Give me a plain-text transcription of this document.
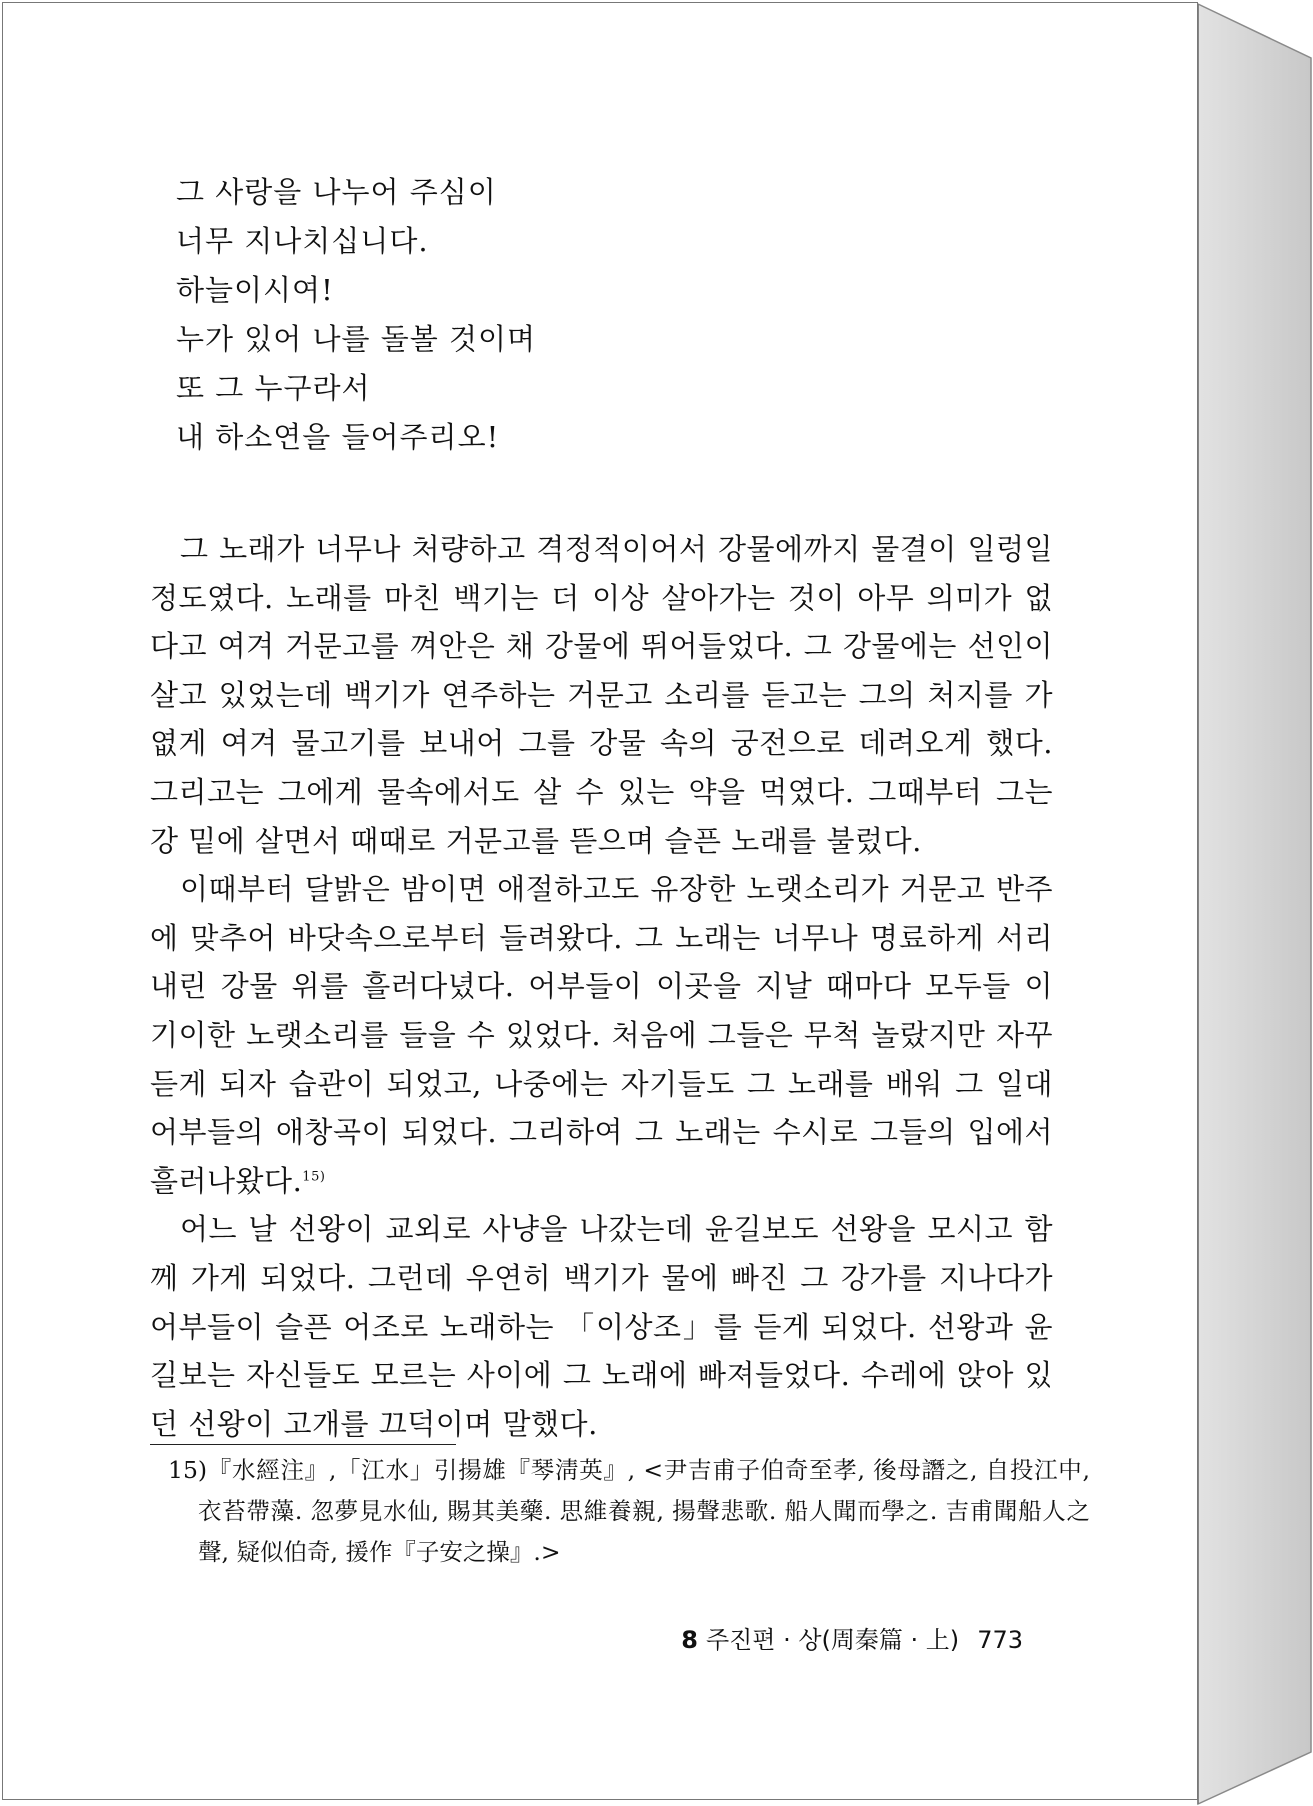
그 사랑을 나누어 주심이
너무 지나치십니다.
하늘이시여!
누가 있어 나를 돌볼 것이며
또 그 누구라서
내 하소연을 들어주리오!

그 노래가 너무나 처량하고 격정적이어서 강물에까지 물결이 일렁일 정도였다. 노래를 마친 백기는 더 이상 살아가는 것이 아무 의미가 없다고 여겨 거문고를 껴안은 채 강물에 뛰어들었다. 그 강물에는 선인이 살고 있었는데 백기가 연주하는 거문고 소리를 듣고는 그의 처지를 가엾게 여겨 물고기를 보내어 그를 강물 속의 궁전으로 데려오게 했다. 그리고는 그에게 물속에서도 살 수 있는 약을 먹였다. 그때부터 그는 강 밑에 살면서 때때로 거문고를 뜯으며 슬픈 노래를 불렀다.

이때부터 달밝은 밤이면 애절하고도 유장한 노랫소리가 거문고 반주에 맞추어 바닷속으로부터 들려왔다. 그 노래는 너무나 명료하게 서리내린 강물 위를 흘러다녔다. 어부들이 이곳을 지날 때마다 모두들 이 기이한 노랫소리를 들을 수 있었다. 처음에 그들은 무척 놀랐지만 자꾸 듣게 되자 습관이 되었고, 나중에는 자기들도 그 노래를 배워 그 일대 어부들의 애창곡이 되었다. 그리하여 그 노래는 수시로 그들의 입에서 흘러나왔다.$^{15)}$

어느 날 선왕이 교외로 사냥을 나갔는데 윤길보도 선왕을 모시고 함께 가게 되었다. 그런데 우연히 백기가 물에 빠진 그 강가를 지나다가 어부들이 슬픈 어조로 노래하는 「이상조」를 듣게 되었다. 선왕과 윤길보는 자신들도 모르는 사이에 그 노래에 빠져들었다. 수레에 앉아 있던 선왕이 고개를 끄덕이며 말했다.

15)『水經注』,「江水」引揚雄『琴淸英』, <尹吉甫子伯奇至孝, 後母譖之, 自投江中, 衣苔帶藻. 忽夢見水仙, 賜其美藥. 思維養親, 揚聲悲歌. 船人聞而學之. 吉甫聞船人之聲, 疑似伯奇, 援作『子安之操』.>
8 주진편 · 상(周秦篇 · 上) 773
